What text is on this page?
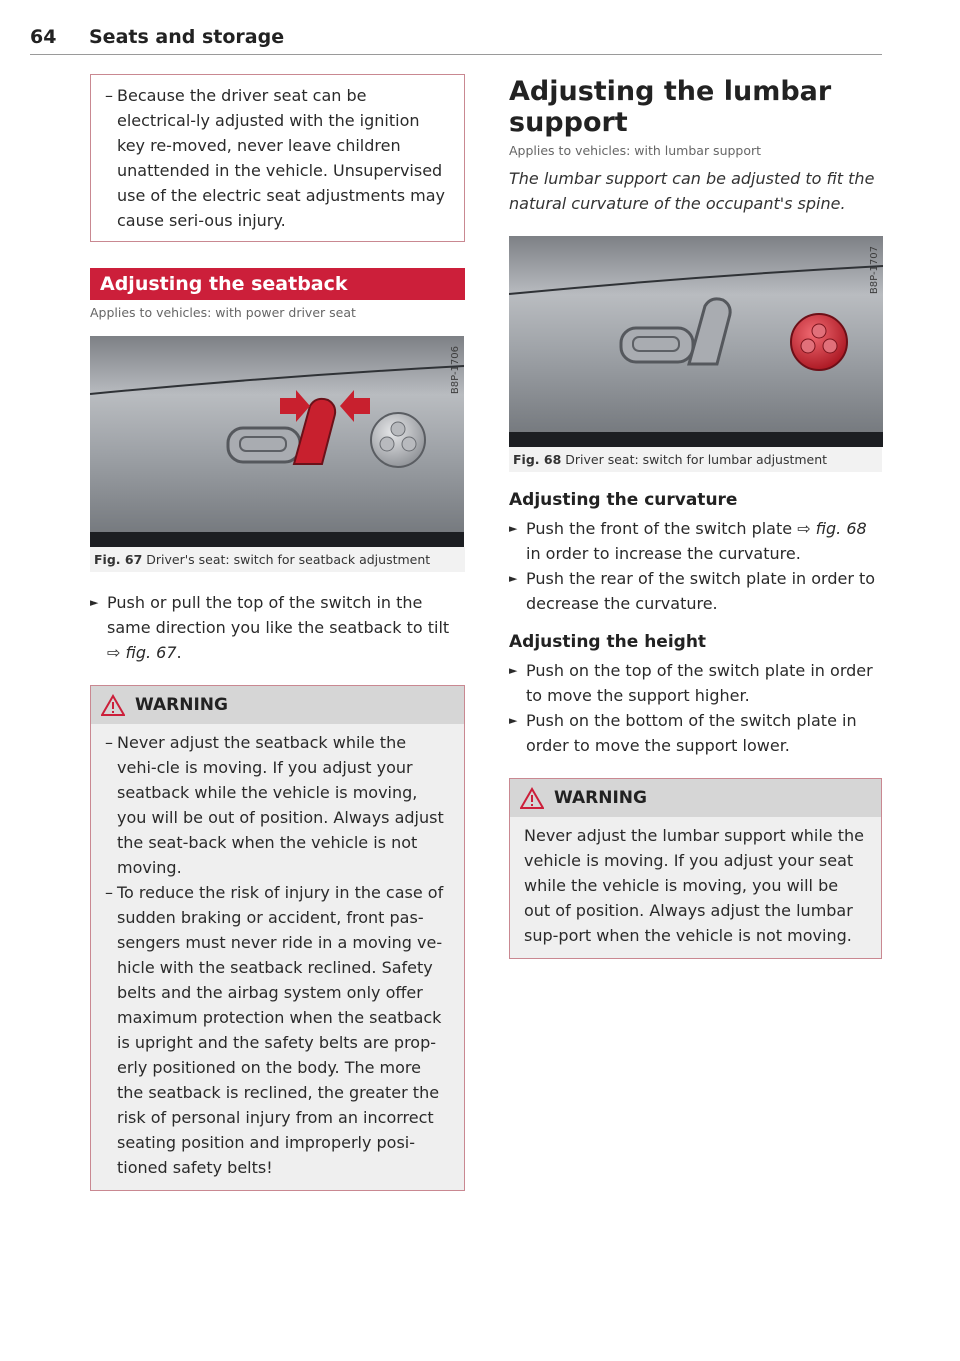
64 Seats and storage
– Because the driver seat can be electrical-ly adjusted with the ignition key re-moved, never leave children unattended in the vehicle. Unsupervised use of the electric seat adjustments may cause seri-ous injury.
Adjusting the seatback
Applies to vehicles: with power driver seat
B8P-1706
Fig. 67 Driver's seat: switch for seatback adjustment
► Push or pull the top of the switch in the same direction you like the seatback to tilt ⇨ fig. 67.
WARNING
– Never adjust the seatback while the vehi-cle is moving. If you adjust your seatback while the vehicle is moving, you will be out of position. Always adjust the seat-back when the vehicle is not moving.
– To reduce the risk of injury in the case of sudden braking or accident, front pas-sengers must never ride in a moving ve-hicle with the seatback reclined. Safety belts and the airbag system only offer maximum protection when the seatback is upright and the safety belts are prop-erly positioned on the body. The more the seatback is reclined, the greater the risk of personal injury from an incorrect seating position and improperly posi-tioned safety belts!
Adjusting the lumbar support
Applies to vehicles: with lumbar support
The lumbar support can be adjusted to fit the natural curvature of the occupant's spine.
B8P-1707
Fig. 68 Driver seat: switch for lumbar adjustment
Adjusting the curvature
► Push the front of the switch plate ⇨ fig. 68 in order to increase the curvature.
► Push the rear of the switch plate in order to decrease the curvature.
Adjusting the height
► Push on the top of the switch plate in order to move the support higher.
► Push on the bottom of the switch plate in order to move the support lower.
WARNING
Never adjust the lumbar support while the vehicle is moving. If you adjust your seat while the vehicle is moving, you will be out of position. Always adjust the lumbar sup-port when the vehicle is not moving.
